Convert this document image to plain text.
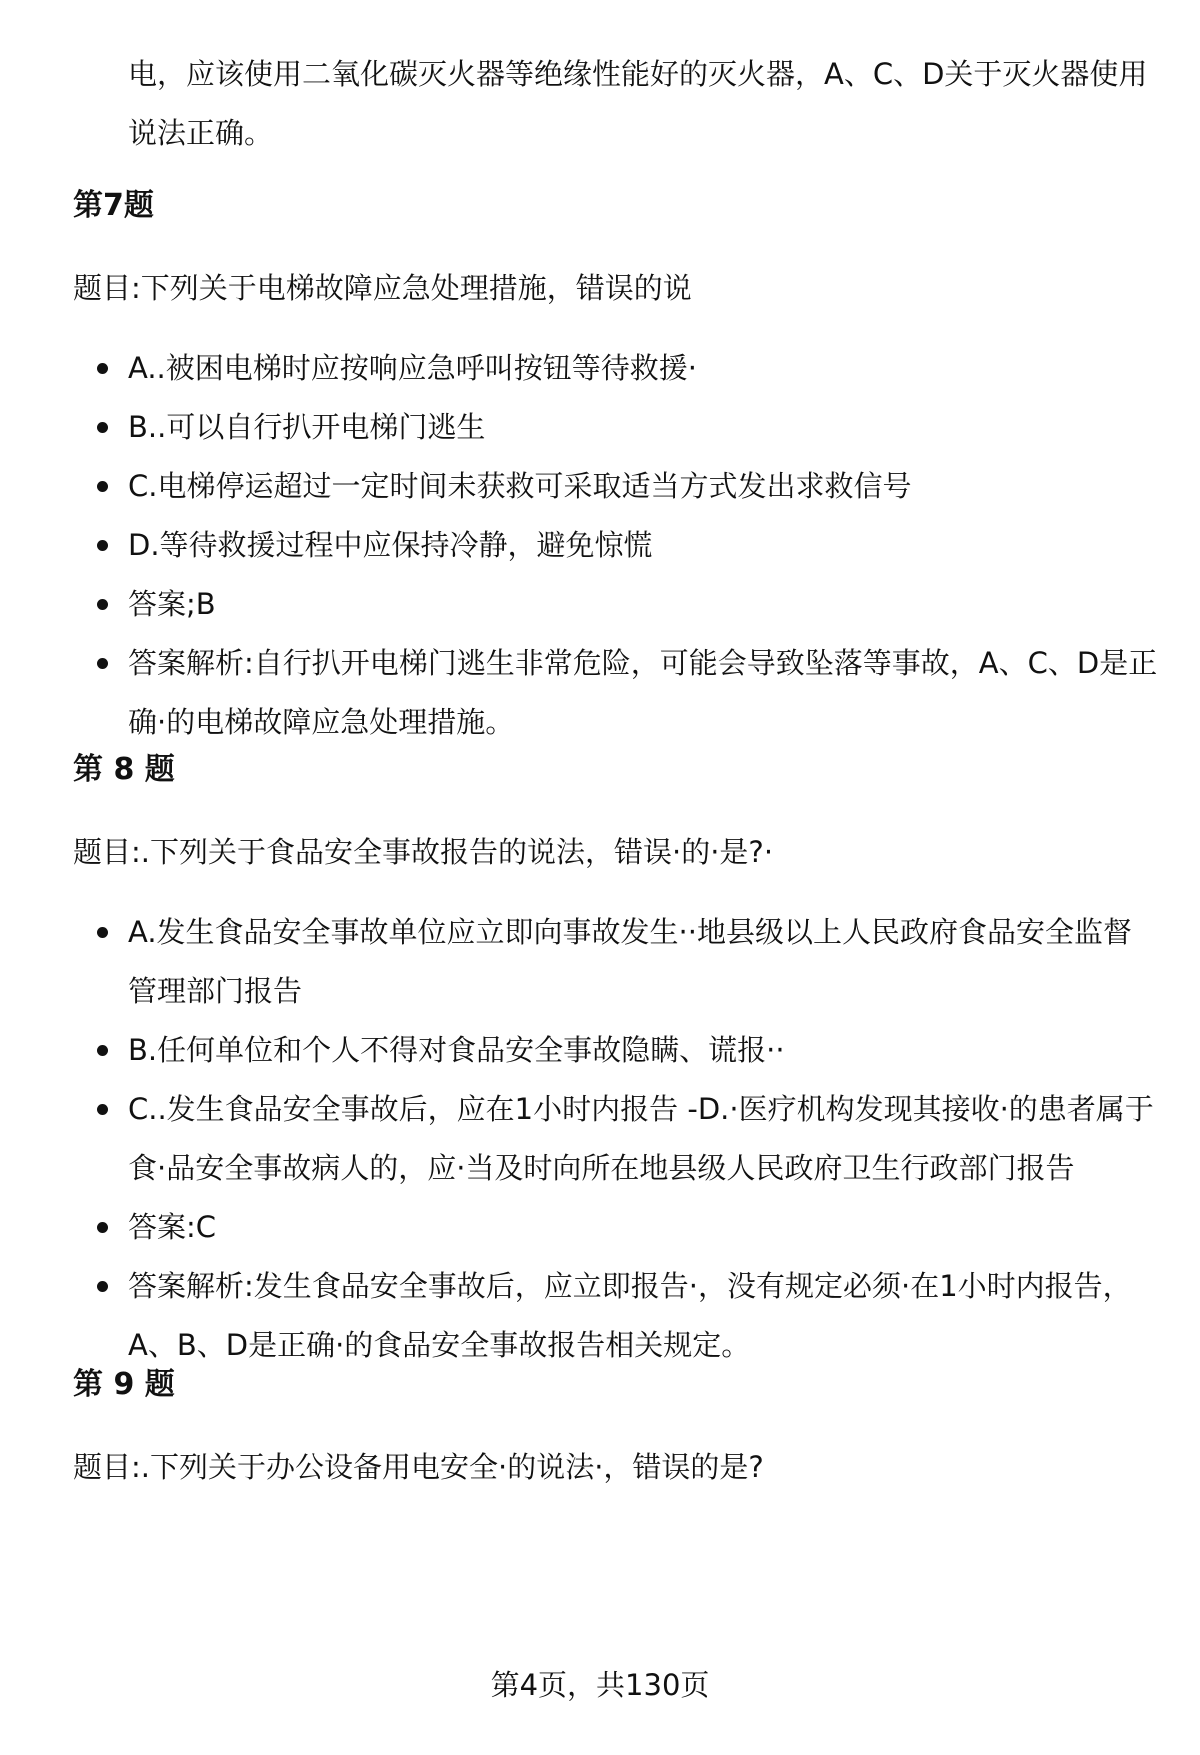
电，应该使用二氧化碳灭火器等绝缘性能好的灭火器，A、C、D关于灭火器使用说法正确。

第7题

题目:下列关于电梯故障应急处理措施，错误的说

A..被困电梯时应按响应急呼叫按钮等待救援·
B..可以自行扒开电梯门逃生
C.电梯停运超过一定时间未获救可采取适当方式发出求救信号
D.等待救援过程中应保持冷静，避免惊慌
答案;B
答案解析:自行扒开电梯门逃生非常危险，可能会导致坠落等事故，A、C、D是正确·的电梯故障应急处理措施。
第 8 题

题目:.下列关于食品安全事故报告的说法，错误·的·是?·

A.发生食品安全事故单位应立即向事故发生··地县级以上人民政府食品安全监督管理部门报告
B.任何单位和个人不得对食品安全事故隐瞒、谎报··
C..发生食品安全事故后，应在1小时内报告 -D.·医疗机构发现其接收·的患者属于食·品安全事故病人的，应·当及时向所在地县级人民政府卫生行政部门报告
答案:C
答案解析:发生食品安全事故后，应立即报告·，没有规定必须·在1小时内报告，A、B、D是正确·的食品安全事故报告相关规定。
第 9 题

题目:.下列关于办公设备用电安全·的说法·，错误的是?

第4页，共130页
